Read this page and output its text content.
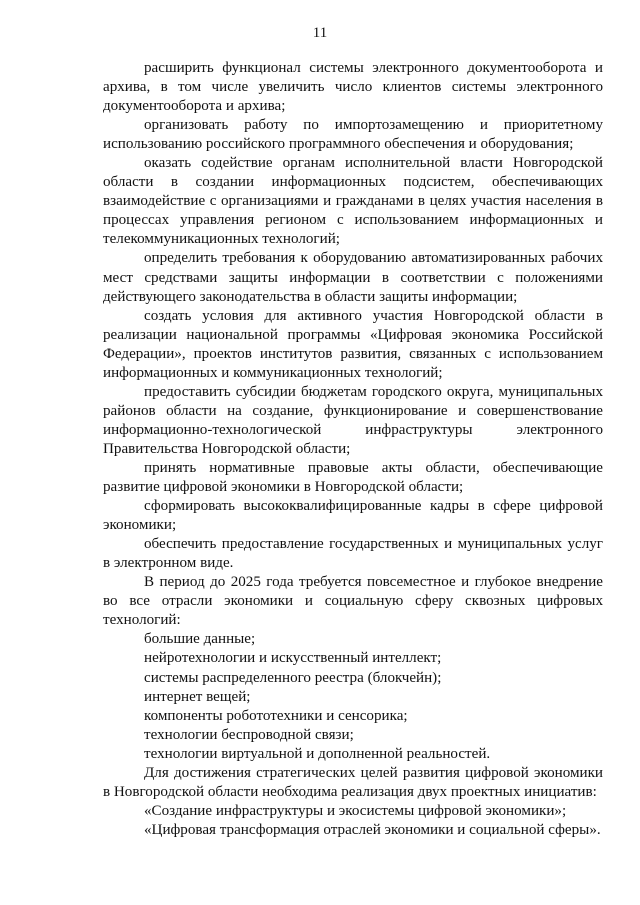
11

расширить функционал системы электронного документооборота и архива, в том числе увеличить число клиентов системы электронного документооборота и архива;

организовать работу по импортозамещению и приоритетному использованию российского программного обеспечения и оборудования;

оказать содействие органам исполнительной власти Новгородской области в создании информационных подсистем, обеспечивающих взаимодействие с организациями и гражданами в целях участия населения в процессах управления регионом с использованием информационных и телекоммуникационных технологий;

определить требования к оборудованию автоматизированных рабочих мест средствами защиты информации в соответствии с положениями действующего законодательства в области защиты информации;

создать условия для активного участия Новгородской области в реализации национальной программы «Цифровая экономика Российской Федерации», проектов институтов развития, связанных с использованием информационных и коммуникационных технологий;

предоставить субсидии бюджетам городского округа, муниципальных районов области на создание, функционирование и совершенствование информационно-технологической инфраструктуры электронного Правительства Новгородской области;

принять нормативные правовые акты области, обеспечивающие развитие цифровой экономики в Новгородской области;

сформировать высококвалифицированные кадры в сфере цифровой экономики;

обеспечить предоставление государственных и муниципальных услуг в электронном виде.

В период до 2025 года требуется повсеместное и глубокое внедрение во все отрасли экономики и социальную сферу сквозных цифровых технологий:

большие данные;

нейротехнологии и искусственный интеллект;

системы распределенного реестра (блокчейн);

интернет вещей;

компоненты робототехники и сенсорика;

технологии беспроводной связи;

технологии виртуальной и дополненной реальностей.

Для достижения стратегических целей развития цифровой экономики в Новгородской области необходима реализация двух проектных инициатив:

«Создание инфраструктуры и экосистемы цифровой экономики»;

«Цифровая трансформация отраслей экономики и социальной сферы».
